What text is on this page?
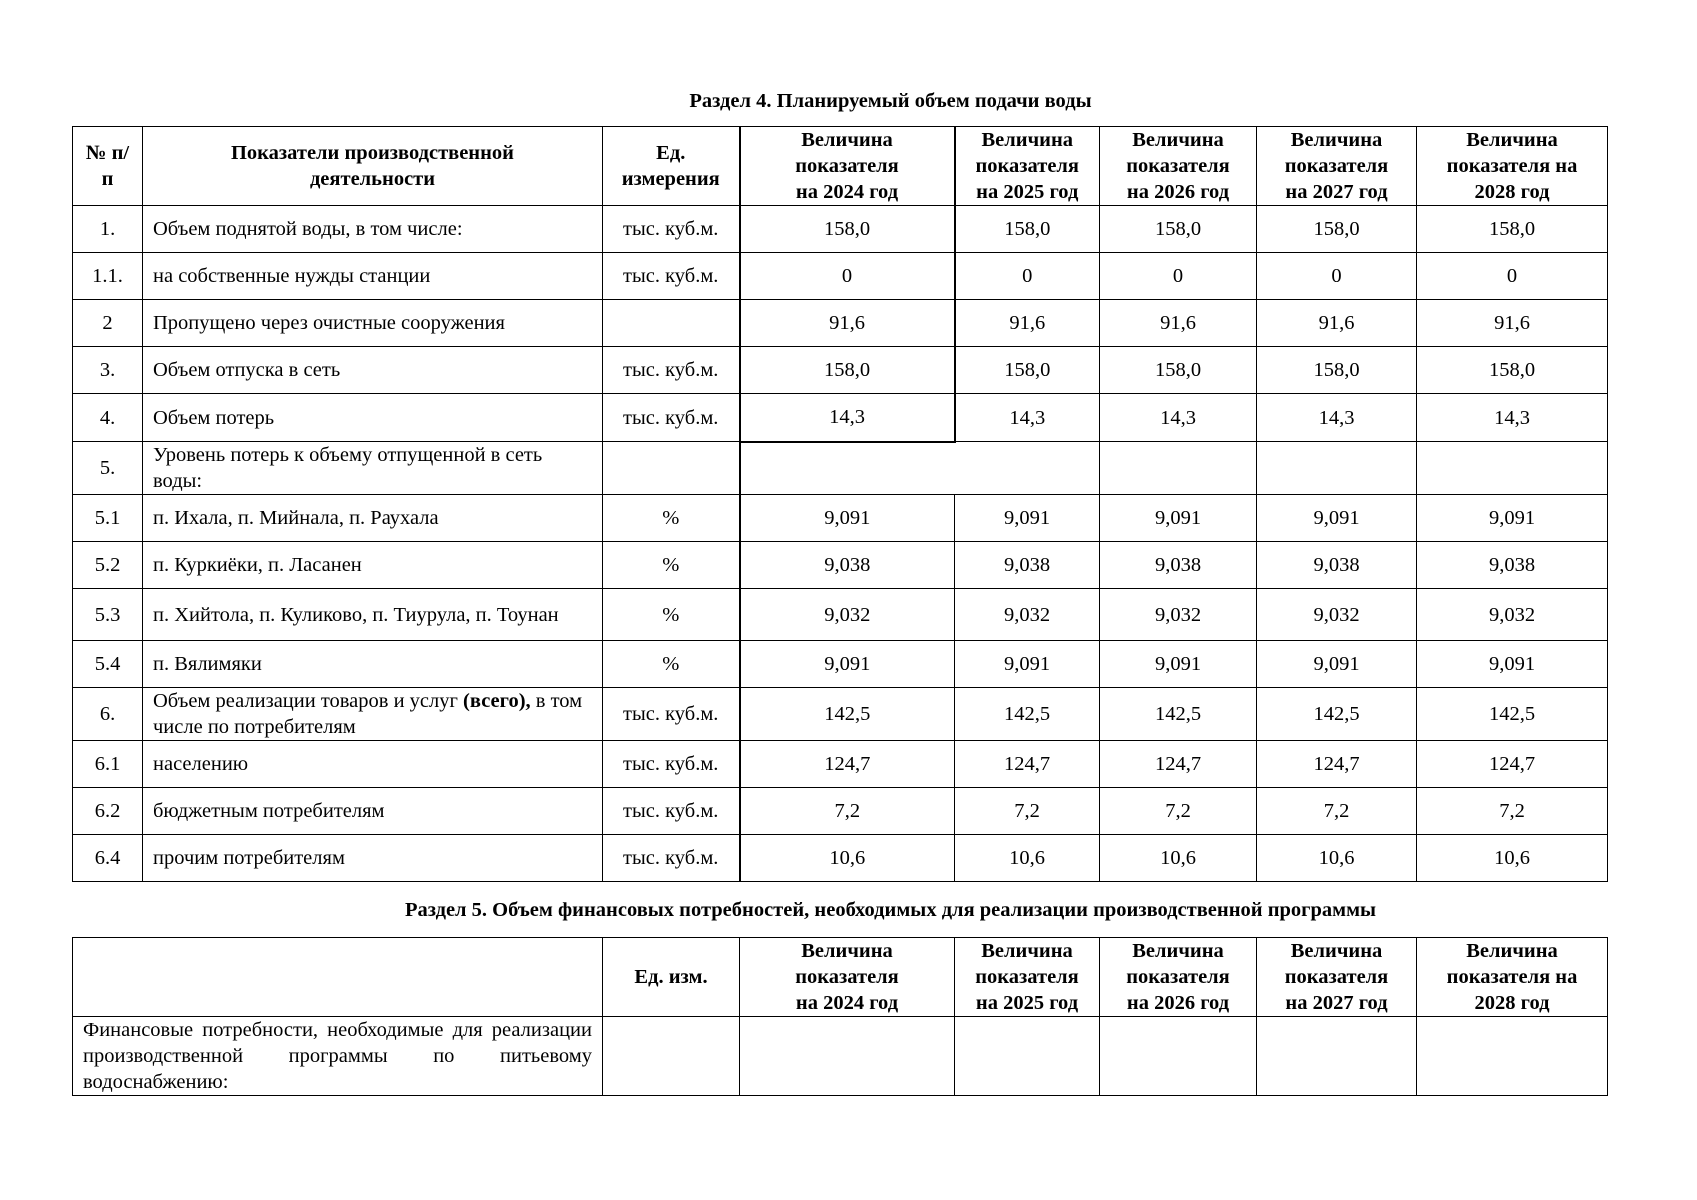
Раздел 4. Планируемый объем подачи воды
№ п/п	Показатели производственной деятельности	Ед. измерения	Величина показателя на 2024 год	Величина показателя на 2025 год	Величина показателя на 2026 год	Величина показателя на 2027 год	Величина показателя на 2028 год
1.	Объем поднятой воды, в том числе:	тыс. куб.м.	158,0	158,0	158,0	158,0	158,0
1.1.	на собственные нужды станции	тыс. куб.м.	0	0	0	0	0
2	Пропущено через очистные сооружения		91,6	91,6	91,6	91,6	91,6
3.	Объем отпуска в сеть	тыс. куб.м.	158,0	158,0	158,0	158,0	158,0
4.	Объем потерь	тыс. куб.м.	14,3	14,3	14,3	14,3	14,3
5.	Уровень потерь к объему отпущенной в сеть воды:						
5.1	п. Ихала, п. Мийнала, п. Раухала	%	9,091	9,091	9,091	9,091	9,091
5.2	п. Куркиёки, п. Ласанен	%	9,038	9,038	9,038	9,038	9,038
5.3	п. Хийтола, п. Куликово, п. Тиурула, п. Тоунан	%	9,032	9,032	9,032	9,032	9,032
5.4	п. Вялимяки	%	9,091	9,091	9,091	9,091	9,091
6.	Объем реализации товаров и услуг (всего), в том числе по потребителям	тыс. куб.м.	142,5	142,5	142,5	142,5	142,5
6.1	населению	тыс. куб.м.	124,7	124,7	124,7	124,7	124,7
6.2	бюджетным потребителям	тыс. куб.м.	7,2	7,2	7,2	7,2	7,2
6.4	прочим потребителям	тыс. куб.м.	10,6	10,6	10,6	10,6	10,6
Раздел 5. Объем финансовых потребностей, необходимых для реализации производственной программы
	Ед. изм.	Величина показателя на 2024 год	Величина показателя на 2025 год	Величина показателя на 2026 год	Величина показателя на 2027 год	Величина показателя на 2028 год
Финансовые потребности, необходимые для реализации производственной программы по питьевому водоснабжению:						
